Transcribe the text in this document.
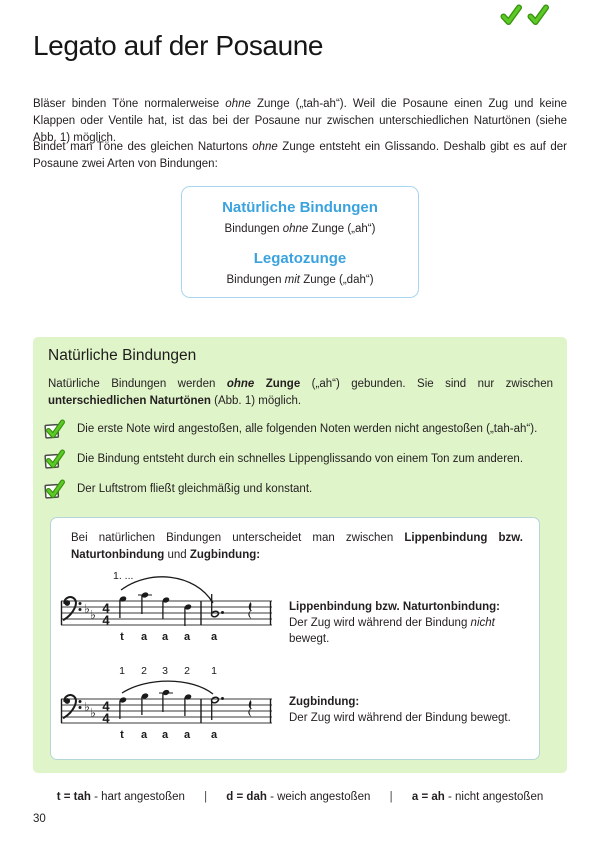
Legato auf der Posaune

Bläser binden Töne normalerweise ohne Zunge („tah-ah“). Weil die Posaune einen Zug und keine Klappen oder Ventile hat, ist das bei der Posaune nur zwischen unterschiedlichen Naturtönen (siehe Abb. 1) möglich.

Bindet man Töne des gleichen Naturtons ohne Zunge entsteht ein Glissando. Deshalb gibt es auf der Posaune zwei Arten von Bindungen:

Natürliche Bindungen
Bindungen ohne Zunge („ah“)
Legatozunge
Bindungen mit Zunge („dah“)
Natürliche Bindungen
Natürliche Bindungen werden ohne Zunge („ah“) gebunden. Sie sind nur zwischen unterschiedlichen Naturtönen (Abb. 1) möglich.
Die erste Note wird angestoßen, alle folgenden Noten werden nicht angestoßen („tah-ah“).
Die Bindung entsteht durch ein schnelles Lippenglissando von einem Ton zum anderen.
Der Luftstrom fließt gleichmäßig und konstant.
Bei natürlichen Bindungen unterscheidet man zwischen Lippenbindung bzw. Naturtonbindung und Zugbindung:
1. ...
♭ ♭ 4
4
t	a	a	a	a
Lippenbindung bzw. Naturtonbindung:
Der Zug wird während der Bindung nicht bewegt.
1	2	3	2	1
♭ ♭ 4
4
t	a	a	a	a
Zugbindung:
Der Zug wird während der Bindung bewegt.
t = tah - hart angestoßen | d = dah - weich angestoßen | a = ah - nicht angestoßen
30
